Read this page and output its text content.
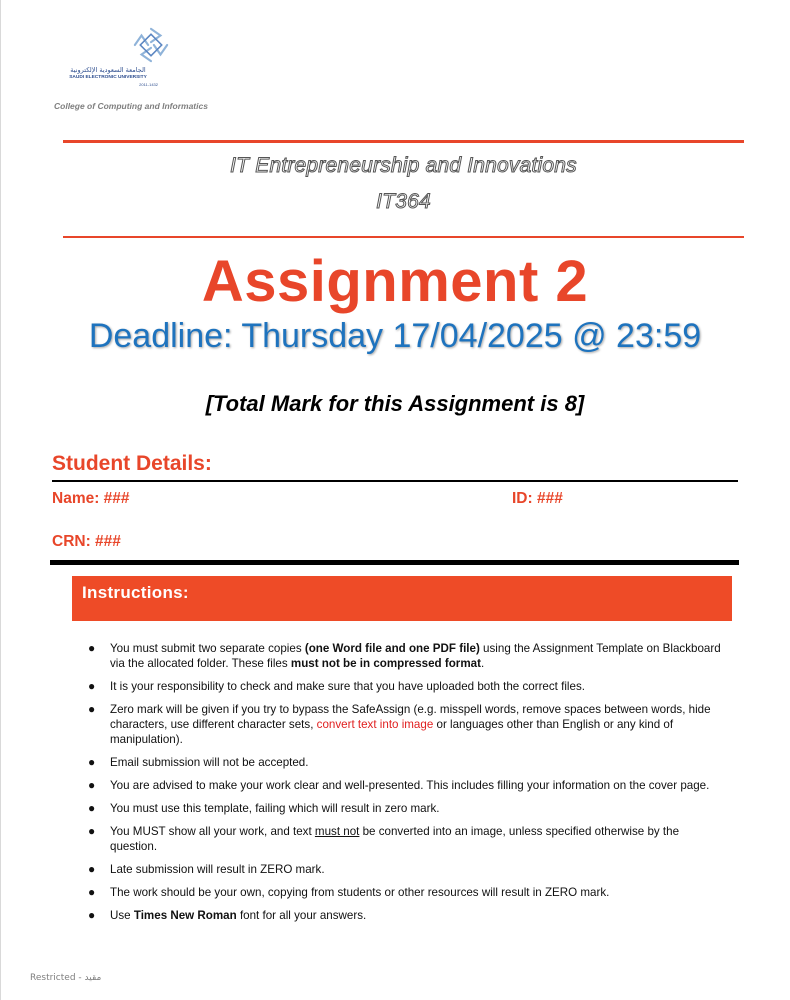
الجامعة السعودية الإلكترونية
SAUDI ELECTRONIC UNIVERSITY
2011-1432
College of Computing and Informatics
IT Entrepreneurship and Innovations
IT364
Assignment 2
Deadline: Thursday 17/04/2025 @ 23:59
[Total Mark for this Assignment is 8]
Student Details:
Name: ###	ID: ###
CRN: ###
Instructions:
● You must submit two separate copies (one Word file and one PDF file) using the Assignment Template on Blackboard via the allocated folder. These files must not be in compressed format.
● It is your responsibility to check and make sure that you have uploaded both the correct files.
● Zero mark will be given if you try to bypass the SafeAssign (e.g. misspell words, remove spaces between words, hide characters, use different character sets, convert text into image or languages other than English or any kind of manipulation).
● Email submission will not be accepted.
● You are advised to make your work clear and well-presented. This includes filling your information on the cover page.
● You must use this template, failing which will result in zero mark.
● You MUST show all your work, and text must not be converted into an image, unless specified otherwise by the question.
● Late submission will result in ZERO mark.
● The work should be your own, copying from students or other resources will result in ZERO mark.
● Use Times New Roman font for all your answers.
Restricted - مقيد
